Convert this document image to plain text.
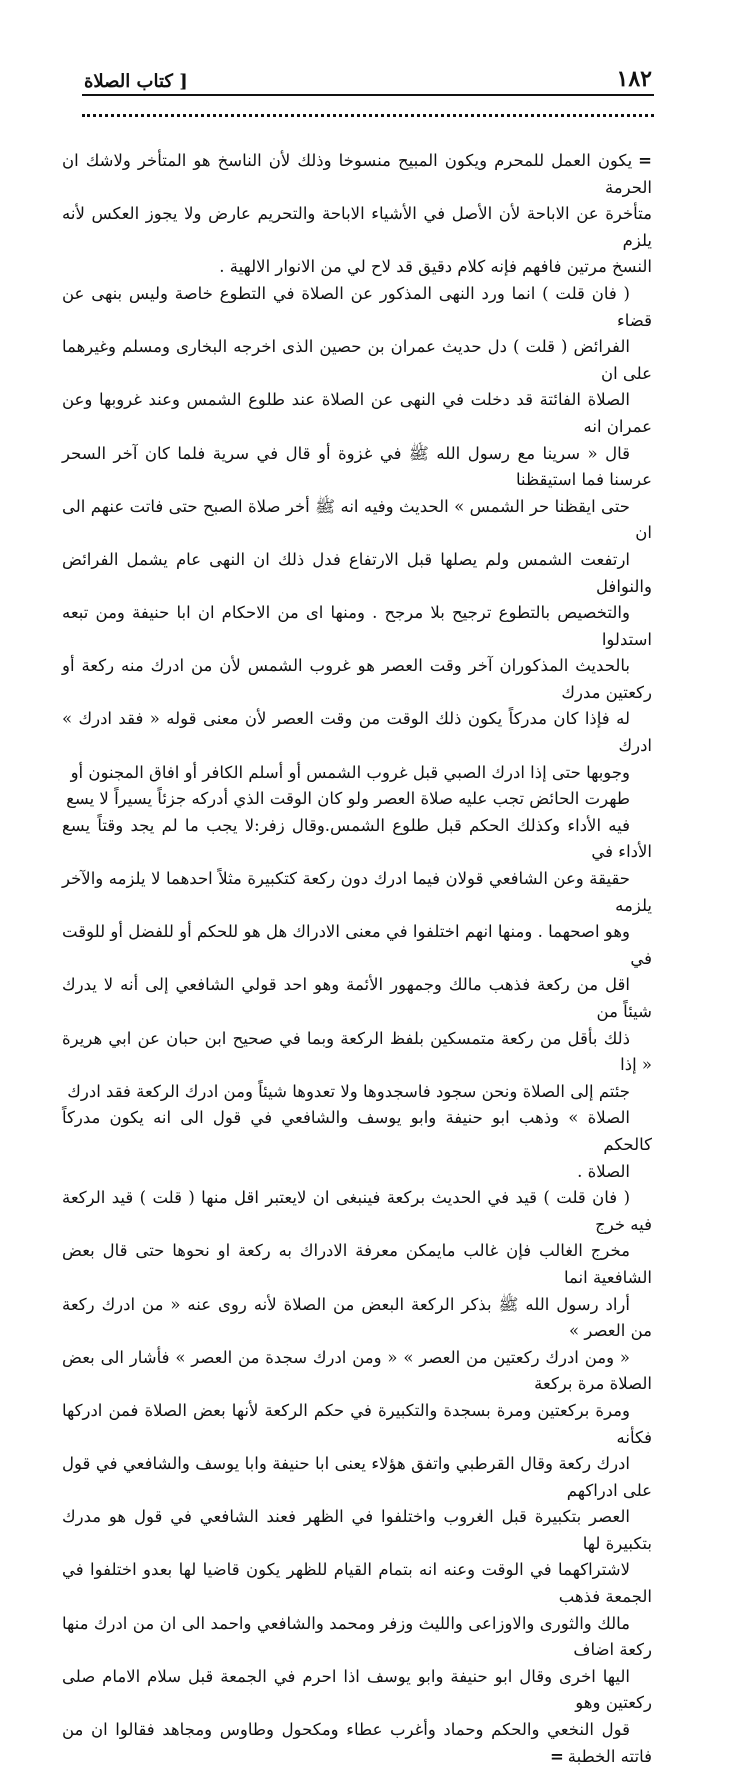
١٨٢
[ كتاب الصلاة

=يكون العمل للمحرم ويكون المبيح منسوخا وذلك لأن الناسخ هو المتأخر ولاشك ان الحرمة
متأخرة عن الاباحة لأن الأصل في الأشياء الاباحة والتحريم عارض ولا يجوز العكس لأنه يلزم
النسخ مرتين فافهم فإنه كلام دقيق قد لاح لي من الانوار الالهية .

( فان قلت ) انما ورد النهى المذكور عن الصلاة في التطوع خاصة وليس بنهى عن قضاء
الفرائض ( قلت ) دل حديث عمران بن حصين الذى اخرجه البخارى ومسلم وغيرهما على ان
الصلاة الفائتة قد دخلت في النهى عن الصلاة عند طلوع الشمس وعند غروبها وعن عمران انه
قال « سرينا مع رسول الله ﷺ في غزوة أو قال في سرية فلما كان آخر السحر عرسنا فما استيقظنا
حتى ايقظنا حر الشمس » الحديث وفيه انه ﷺ أخر صلاة الصبح حتى فاتت عنهم الى ان
ارتفعت الشمس ولم يصلها قبل الارتفاع فدل ذلك ان النهى عام يشمل الفرائض والنوافل
والتخصيص بالتطوع ترجيح بلا مرجح . ومنها اى من الاحكام ان ابا حنيفة ومن تبعه استدلوا
بالحديث المذكوران آخر وقت العصر هو غروب الشمس لأن من ادرك منه ركعة أو ركعتين مدرك
له فإذا كان مدركاً يكون ذلك الوقت من وقت العصر لأن معنى قوله « فقد ادرك » ادرك
وجوبها حتى إذا ادرك الصبي قبل غروب الشمس أو أسلم الكافر أو افاق المجنون أو
طهرت الحائض تجب عليه صلاة العصر ولو كان الوقت الذي أدركه جزئاً يسيراً لا يسع
فيه الأداء وكذلك الحكم قبل طلوع الشمس.وقال زفر:لا يجب ما لم يجد وقتاً يسع الأداء في
حقيقة وعن الشافعي قولان فيما ادرك دون ركعة كتكبيرة مثلاً احدهما لا يلزمه والآخر يلزمه
وهو اصحهما . ومنها انهم اختلفوا في معنى الادراك هل هو للحكم أو للفضل أو للوقت في
اقل من ركعة فذهب مالك وجمهور الأئمة وهو احد قولي الشافعي إلى أنه لا يدرك شيئاً من
ذلك بأقل من ركعة متمسكين بلفظ الركعة وبما في صحيح ابن حبان عن ابي هريرة « إذا
جئتم إلى الصلاة ونحن سجود فاسجدوها ولا تعدوها شيئاً ومن ادرك الركعة فقد ادرك
الصلاة » وذهب ابو حنيفة وابو يوسف والشافعي في قول الى انه يكون مدركاً كالحكم
الصلاة .

( فان قلت ) قيد في الحديث بركعة فينبغى ان لايعتبر اقل منها ( قلت ) قيد الركعة فيه خرج
مخرج الغالب فإن غالب مايمكن معرفة الادراك به ركعة او نحوها حتى قال بعض الشافعية انما
أراد رسول الله ﷺ بذكر الركعة البعض من الصلاة لأنه روى عنه « من ادرك ركعة من العصر »
« ومن ادرك ركعتين من العصر » « ومن ادرك سجدة من العصر » فأشار الى بعض الصلاة مرة بركعة
ومرة بركعتين ومرة بسجدة والتكبيرة في حكم الركعة لأنها بعض الصلاة فمن ادركها فكأنه
ادرك ركعة وقال القرطبي واتفق هؤلاء يعنى ابا حنيفة وابا يوسف والشافعي في قول على ادراكهم
العصر بتكبيرة قبل الغروب واختلفوا في الظهر فعند الشافعي في قول هو مدرك بتكبيرة لها
لاشتراكهما في الوقت وعنه انه بتمام القيام للظهر يكون قاضيا لها بعدو اختلفوا في الجمعة فذهب
مالك والثورى والاوزاعى والليث وزفر ومحمد والشافعي واحمد الى ان من ادرك منها ركعة اضاف
اليها اخرى وقال ابو حنيفة وابو يوسف اذا احرم في الجمعة قبل سلام الامام صلى ركعتين وهو
قول النخعي والحكم وحماد وأغرب عطاء ومكحول وطاوس ومجاهد فقالوا ان من فاتته الخطبة=
